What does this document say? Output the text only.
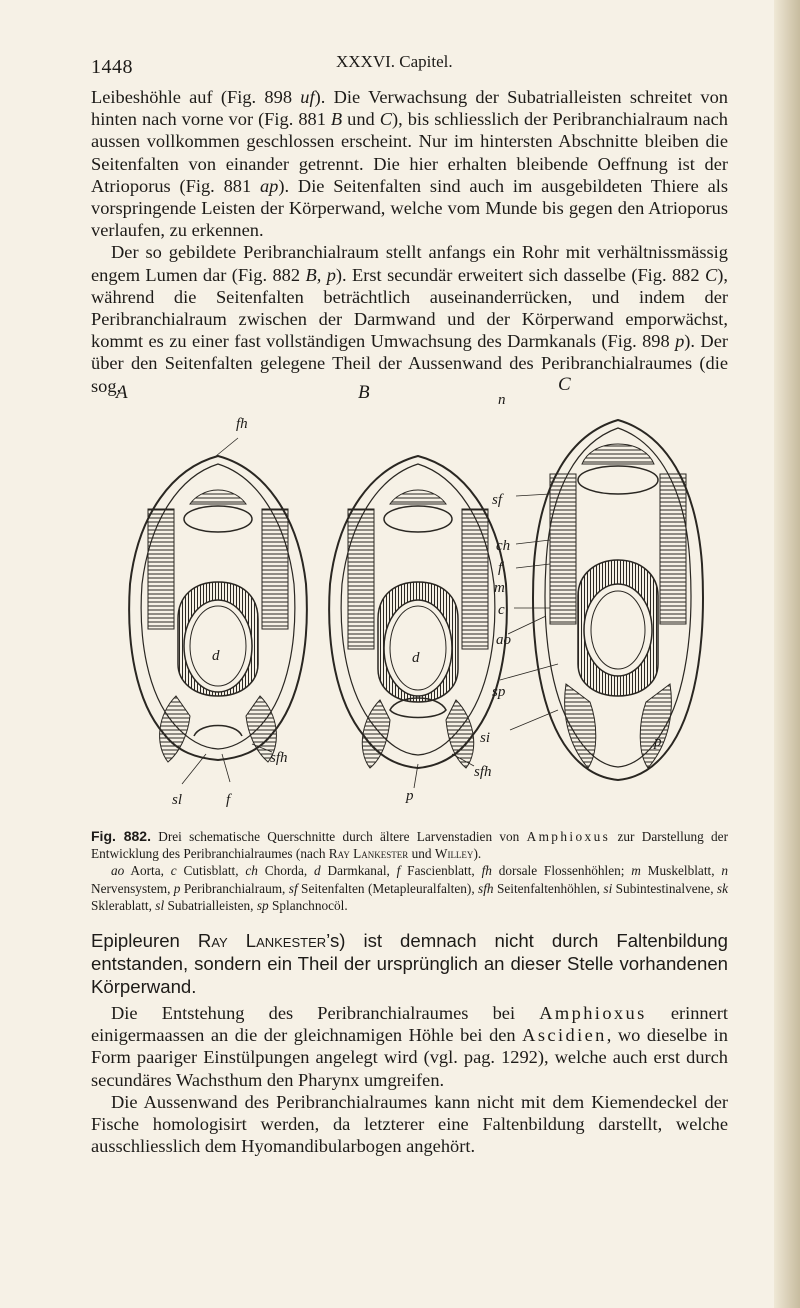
1448	XXXVI. Capitel.

Leibeshöhle auf (Fig. 898 uf). Die Verwachsung der Subatrialleisten schreitet von hinten nach vorne vor (Fig. 881 B und C), bis schliesslich der Peribranchialraum nach aussen vollkommen geschlossen erscheint. Nur im hintersten Abschnitte bleiben die Seitenfalten von einander getrennt. Die hier erhalten bleibende Oeffnung ist der Atrioporus (Fig. 881 ap). Die Seitenfalten sind auch im ausgebildeten Thiere als vorspringende Leisten der Körperwand, welche vom Munde bis gegen den Atrioporus verlaufen, zu erkennen.

Der so gebildete Peribranchialraum stellt anfangs ein Rohr mit verhältnissmässig engem Lumen dar (Fig. 882 B, p). Erst secundär erweitert sich dasselbe (Fig. 882 C), während die Seitenfalten beträchtlich auseinanderrücken, und indem der Peribranchialraum zwischen der Darmwand und der Körperwand emporwächst, kommt es zu einer fast vollständigen Umwachsung des Darmkanals (Fig. 898 p). Der über den Seitenfalten gelegene Theil der Aussenwand des Peribranchialraumes (die sog.

A
fh
d
sfh
sl	f
B
d
p
sfh
C
n
sf
ch
f
m
c
ao
sp
si	p

Fig. 882. Drei schematische Querschnitte durch ältere Larvenstadien von Amphioxus zur Darstellung der Entwicklung des Peribranchialraumes (nach Ray Lankester und Willey).

ao Aorta, c Cutisblatt, ch Chorda, d Darmkanal, f Fascienblatt, fh dorsale Flossenhöhlen; m Muskelblatt, n Nervensystem, p Peribranchialraum, sf Seitenfalten (Metapleuralfalten), sfh Seitenfaltenhöhlen, si Subintestinalvene, sk Sklerablatt, sl Subatrialleisten, sp Splanchnocöl.

Epipleuren Ray Lankester’s) ist demnach nicht durch Faltenbildung entstanden, sondern ein Theil der ursprünglich an dieser Stelle vorhandenen Körperwand.

Die Entstehung des Peribranchialraumes bei Amphioxus erinnert einigermaassen an die der gleichnamigen Höhle bei den Ascidien, wo dieselbe in Form paariger Einstülpungen angelegt wird (vgl. pag. 1292), welche auch erst durch secundäres Wachsthum den Pharynx umgreifen.

Die Aussenwand des Peribranchialraumes kann nicht mit dem Kiemendeckel der Fische homologisirt werden, da letzterer eine Faltenbildung darstellt, welche ausschliesslich dem Hyomandibularbogen angehört.
